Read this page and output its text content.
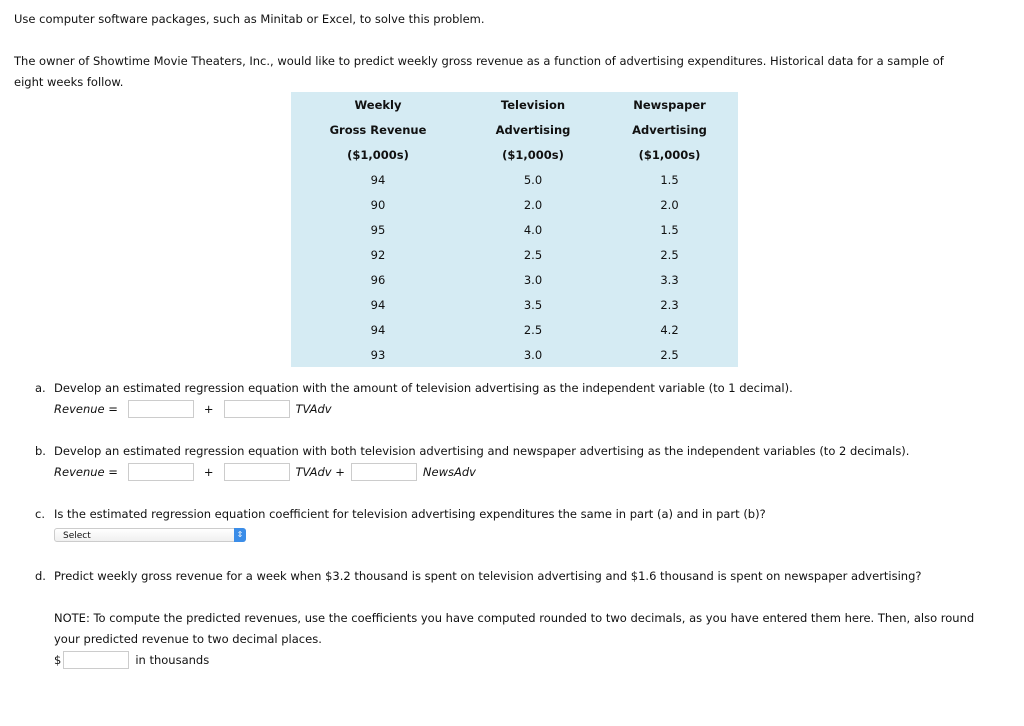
Use computer software packages, such as Minitab or Excel, to solve this problem.
The owner of Showtime Movie Theaters, Inc., would like to predict weekly gross revenue as a function of advertising expenditures. Historical data for a sample of
eight weeks follow.
Weekly	Television	Newspaper
Gross Revenue	Advertising	Advertising
($1,000s)	($1,000s)	($1,000s)
94	5.0	1.5
90	2.0	2.0
95	4.0	1.5
92	2.5	2.5
96	3.0	3.3
94	3.5	2.3
94	2.5	4.2
93	3.0	2.5
a. Develop an estimated regression equation with the amount of television advertising as the independent variable (to 1 decimal).
Revenue =	+	TVAdv
b. Develop an estimated regression equation with both television advertising and newspaper advertising as the independent variables (to 2 decimals).
Revenue =	+	TVAdv +	NewsAdv
c. Is the estimated regression equation coefficient for television advertising expenditures the same in part (a) and in part (b)?
Select	⇕
d. Predict weekly gross revenue for a week when $3.2 thousand is spent on television advertising and $1.6 thousand is spent on newspaper advertising?
NOTE: To compute the predicted revenues, use the coefficients you have computed rounded to two decimals, as you have entered them here. Then, also round
your predicted revenue to two decimal places.
$	in thousands
